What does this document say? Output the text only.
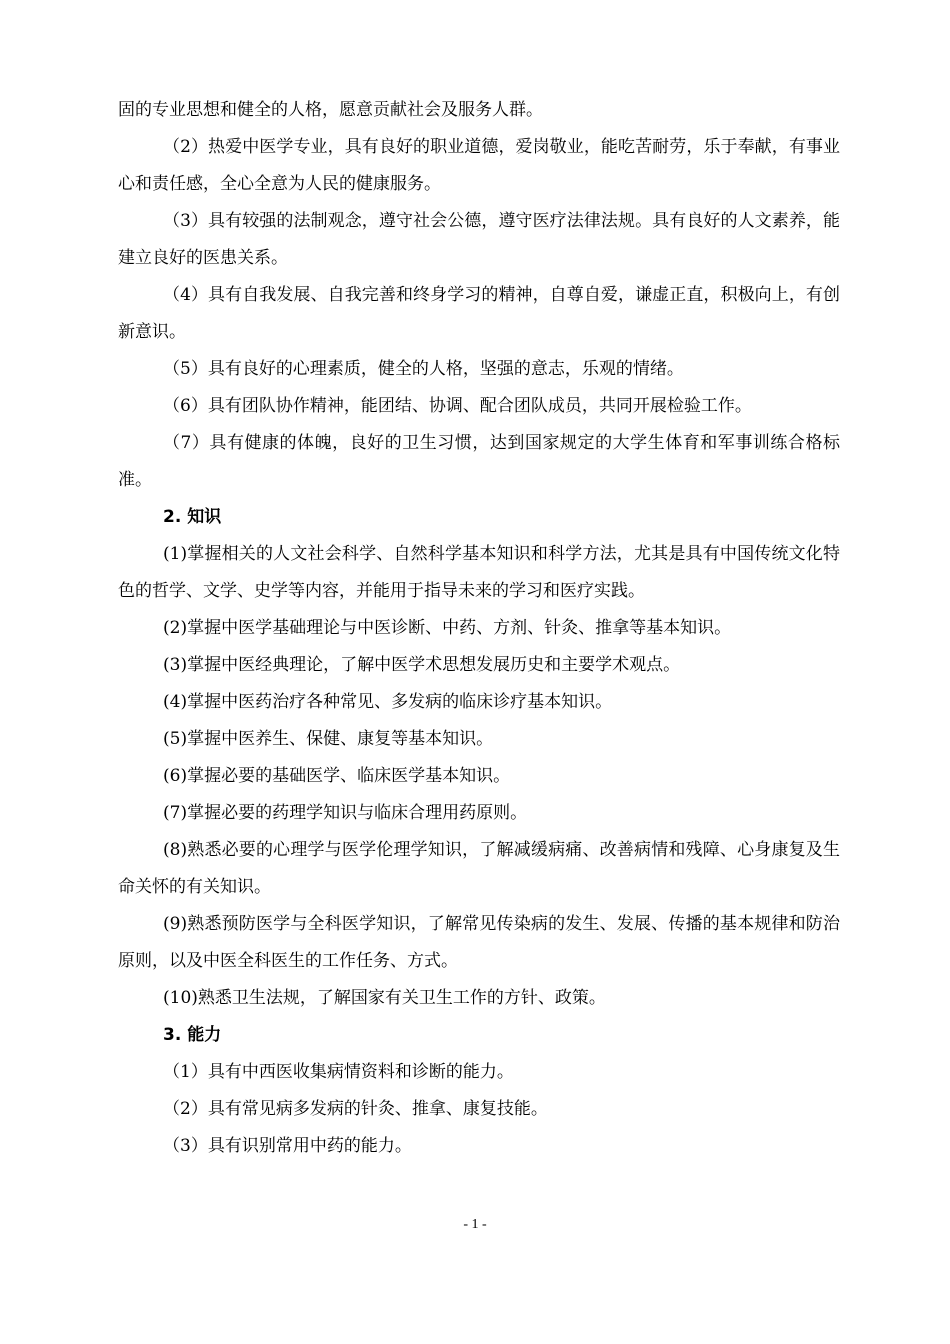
固的专业思想和健全的人格，愿意贡献社会及服务人群。

（2）热爱中医学专业，具有良好的职业道德，爱岗敬业，能吃苦耐劳，乐于奉献，有事业心和责任感，全心全意为人民的健康服务。

（3）具有较强的法制观念，遵守社会公德，遵守医疗法律法规。具有良好的人文素养，能建立良好的医患关系。

（4）具有自我发展、自我完善和终身学习的精神，自尊自爱，谦虚正直，积极向上，有创新意识。

（5）具有良好的心理素质，健全的人格，坚强的意志，乐观的情绪。

（6）具有团队协作精神，能团结、协调、配合团队成员，共同开展检验工作。

（7）具有健康的体魄，良好的卫生习惯，达到国家规定的大学生体育和军事训练合格标准。

2. 知识

(1)掌握相关的人文社会科学、自然科学基本知识和科学方法，尤其是具有中国传统文化特色的哲学、文学、史学等内容，并能用于指导未来的学习和医疗实践。

(2)掌握中医学基础理论与中医诊断、中药、方剂、针灸、推拿等基本知识。

(3)掌握中医经典理论，了解中医学术思想发展历史和主要学术观点。

(4)掌握中医药治疗各种常见、多发病的临床诊疗基本知识。

(5)掌握中医养生、保健、康复等基本知识。

(6)掌握必要的基础医学、临床医学基本知识。

(7)掌握必要的药理学知识与临床合理用药原则。

(8)熟悉必要的心理学与医学伦理学知识，了解减缓病痛、改善病情和残障、心身康复及生命关怀的有关知识。

(9)熟悉预防医学与全科医学知识，了解常见传染病的发生、发展、传播的基本规律和防治原则，以及中医全科医生的工作任务、方式。

(10)熟悉卫生法规，了解国家有关卫生工作的方针、政策。

3. 能力

（1）具有中西医收集病情资料和诊断的能力。

（2）具有常见病多发病的针灸、推拿、康复技能。

（3）具有识别常用中药的能力。

- 1 -
